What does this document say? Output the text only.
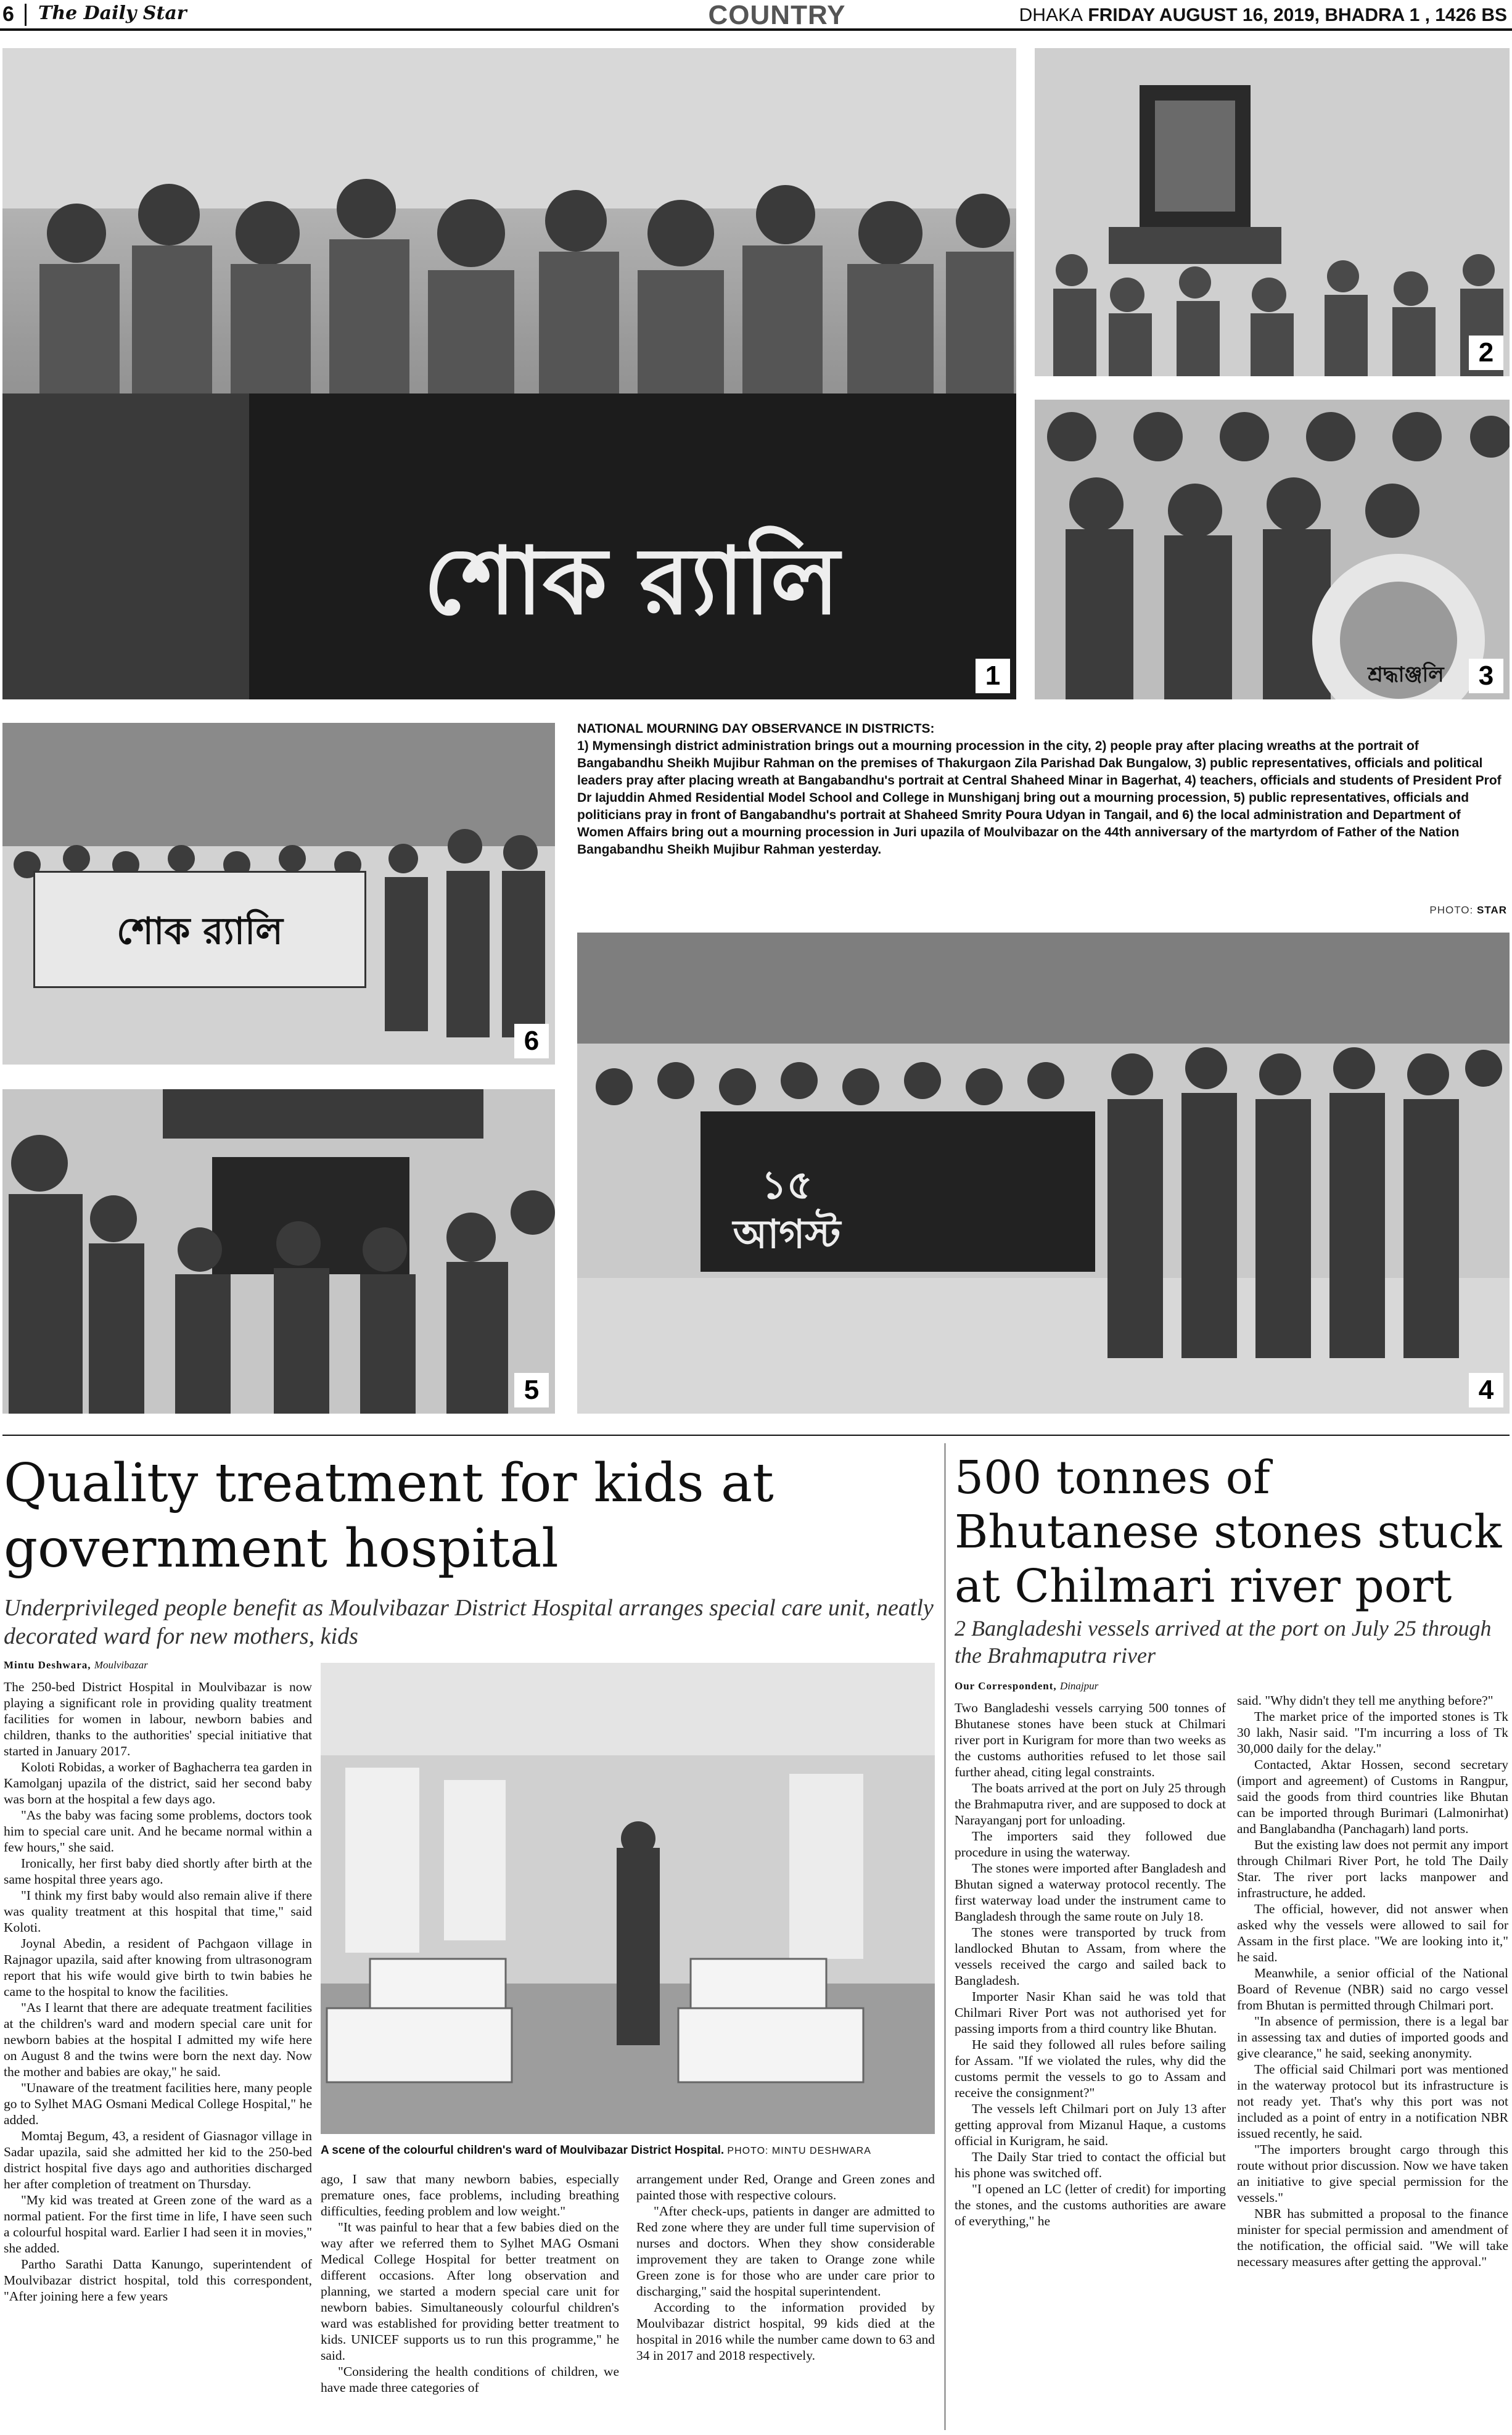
6 The Daily Star	COUNTRY	DHAKA FRIDAY AUGUST 16, 2019, BHADRA 1 , 1426 BS
শোক র‍্যালি
1
2
শ্রদ্ধাঞ্জলি	3
NATIONAL MOURNING DAY OBSERVANCE IN DISTRICTS:
1) Mymensingh district administration brings out a mourning procession in the city, 2) people pray after placing wreaths at the portrait of Bangabandhu Sheikh Mujibur Rahman on the premises of Thakurgaon Zila Parishad Dak Bungalow, 3) public representatives, officials and political leaders pray after placing wreath at Bangabandhu's portrait at Central Shaheed Minar in Bagerhat, 4) teachers, officials and students of President Prof Dr Iajuddin Ahmed Residential Model School and College in Munshiganj bring out a mourning procession, 5) public representatives, officials and politicians pray in front of Bangabandhu's portrait at Shaheed Smrity Poura Udyan in Tangail, and 6) the local administration and Department of Women Affairs bring out a mourning procession in Juri upazila of Moulvibazar on the 44th anniversary of the martyrdom of Father of the Nation Bangabandhu Sheikh Mujibur Rahman yesterday.
PHOTO: STAR
শোক র‍্যালি
6
১৫ আগস্ট
4
5
Quality treatment for kids at government hospital
Underprivileged people benefit as Moulvibazar District Hospital arranges special care unit, neatly decorated ward for new mothers, kids
Mintu Deshwara, Moulvibazar

The 250-bed District Hospital in Moulvibazar is now playing a significant role in providing quality treatment facilities for women in labour, newborn babies and children, thanks to the authorities' special initiative that started in January 2017.

Koloti Robidas, a worker of Baghacherra tea garden in Kamolganj upazila of the district, said her second baby was born at the hospital a few days ago.

"As the baby was facing some problems, doctors took him to special care unit. And he became normal within a few hours," she said.

Ironically, her first baby died shortly after birth at the same hospital three years ago.

"I think my first baby would also remain alive if there was quality treatment at this hospital that time," said Koloti.

Joynal Abedin, a resident of Pachgaon village in Rajnagor upazila, said after knowing from ultrasonogram report that his wife would give birth to twin babies he came to the hospital to know the facilities.

"As I learnt that there are adequate treatment facilities at the children's ward and modern special care unit for newborn babies at the hospital I admitted my wife here on August 8 and the twins were born the next day. Now the mother and babies are okay," he said.

"Unaware of the treatment facilities here, many people go to Sylhet MAG Osmani Medical College Hospital," he added.

Momtaj Begum, 43, a resident of Giasnagor village in Sadar upazila, said she admitted her kid to the 250-bed district hospital five days ago and authorities discharged her after completion of treatment on Thursday.

"My kid was treated at Green zone of the ward as a normal patient. For the first time in life, I have seen such a colourful hospital ward. Earlier I had seen it in movies," she added.

Partho Sarathi Datta Kanungo, superintendent of Moulvibazar district hospital, told this correspondent, "After joining here a few years

A scene of the colourful children's ward of Moulvibazar District Hospital. PHOTO: MINTU DESHWARA

ago, I saw that many newborn babies, especially premature ones, face problems, including breathing difficulties, feeding problem and low weight."

"It was painful to hear that a few babies died on the way after we referred them to Sylhet MAG Osmani Medical College Hospital for better treatment on different occasions. After long observation and planning, we started a modern special care unit for newborn babies. Simultaneously colourful children's ward was established for providing better treatment to kids. UNICEF supports us to run this programme," he said.

"Considering the health conditions of children, we have made three categories of

arrangement under Red, Orange and Green zones and painted those with respective colours.

"After check-ups, patients in danger are admitted to Red zone where they are under full time supervision of nurses and doctors. When they show considerable improvement they are taken to Orange zone while Green zone is for those who are under care prior to discharging," said the hospital superintendent.

According to the information provided by Moulvibazar district hospital, 99 kids died at the hospital in 2016 while the number came down to 63 and 34 in 2017 and 2018 respectively.

500 tonnes of Bhutanese stones stuck at Chilmari river port
2 Bangladeshi vessels arrived at the port on July 25 through the Brahmaputra river
Our Correspondent, Dinajpur

Two Bangladeshi vessels carrying 500 tonnes of Bhutanese stones have been stuck at Chilmari river port in Kurigram for more than two weeks as the customs authorities refused to let those sail further ahead, citing legal constraints.

The boats arrived at the port on July 25 through the Brahmaputra river, and are supposed to dock at Narayanganj port for unloading.

The importers said they followed due procedure in using the waterway.

The stones were imported after Bangladesh and Bhutan signed a waterway protocol recently. The first waterway load under the instrument came to Bangladesh through the same route on July 18.

The stones were transported by truck from landlocked Bhutan to Assam, from where the vessels received the cargo and sailed back to Bangladesh.

Importer Nasir Khan said he was told that Chilmari River Port was not authorised yet for passing imports from a third country like Bhutan.

He said they followed all rules before sailing for Assam. "If we violated the rules, why did the customs permit the vessels to go to Assam and receive the consignment?"

The vessels left Chilmari port on July 13 after getting approval from Mizanul Haque, a customs official in Kurigram, he said.

The Daily Star tried to contact the official but his phone was switched off.

"I opened an LC (letter of credit) for importing the stones, and the customs authorities are aware of everything," he

said. "Why didn't they tell me anything before?"

The market price of the imported stones is Tk 30 lakh, Nasir said. "I'm incurring a loss of Tk 30,000 daily for the delay."

Contacted, Aktar Hossen, second secretary (import and agreement) of Customs in Rangpur, said the goods from third countries like Bhutan can be imported through Burimari (Lalmonirhat) and Banglabandha (Panchagarh) land ports.

But the existing law does not permit any import through Chilmari River Port, he told The Daily Star. The river port lacks manpower and infrastructure, he added.

The official, however, did not answer when asked why the vessels were allowed to sail for Assam in the first place. "We are looking into it," he said.

Meanwhile, a senior official of the National Board of Revenue (NBR) said no cargo vessel from Bhutan is permitted through Chilmari port.

"In absence of permission, there is a legal bar in assessing tax and duties of imported goods and give clearance," he said, seeking anonymity.

The official said Chilmari port was mentioned in the waterway protocol but its infrastructure is not ready yet. That's why this port was not included as a point of entry in a notification NBR issued recently, he said.

"The importers brought cargo through this route without prior discussion. Now we have taken an initiative to give special permission for the vessels."

NBR has submitted a proposal to the finance minister for special permission and amendment of the notification, the official said. "We will take necessary measures after getting the approval."
